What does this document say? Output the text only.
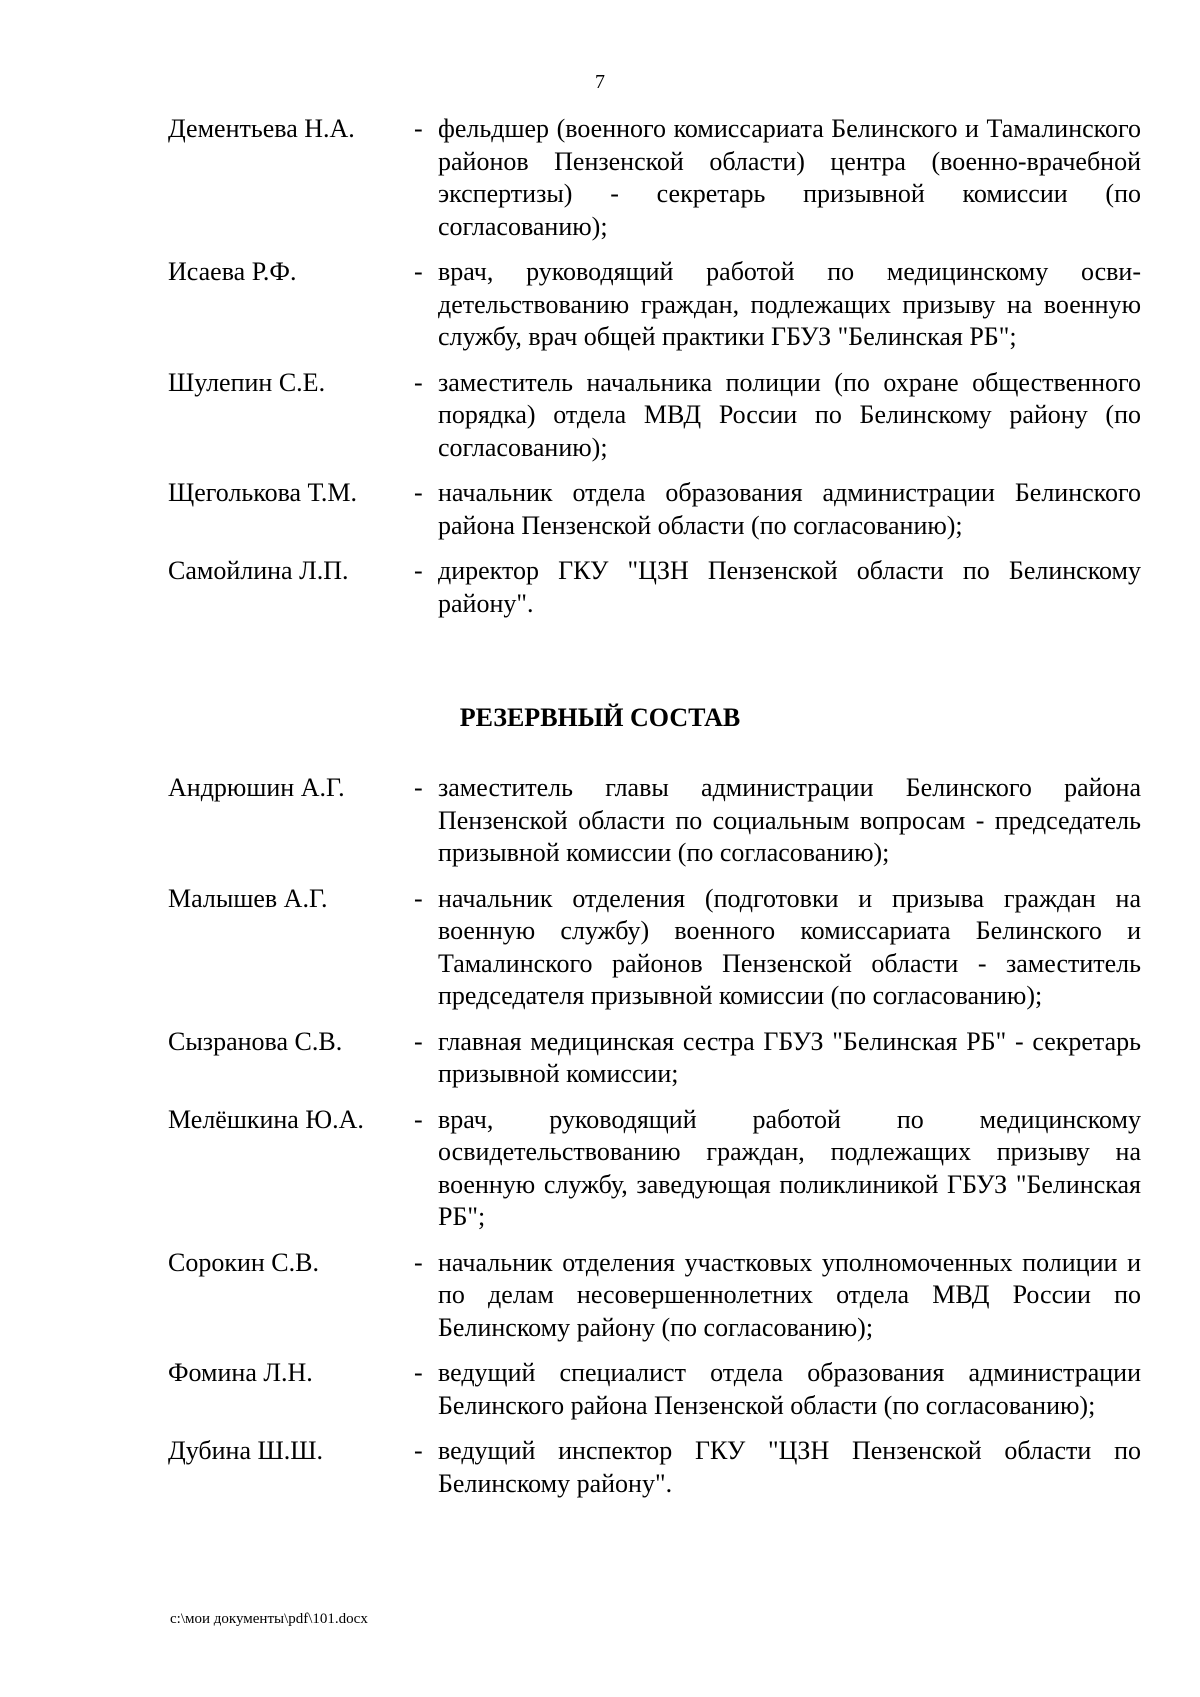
7
Дементьева Н.А.	- фельдшер (военного комиссариата Белинского и Тамалинского районов Пензенской области) центра (военно-врачебной экспертизы) - секретарь призывной комиссии (по согласованию);
Исаева Р.Ф.	- врач, руководящий работой по медицинскому освидетельствованию граждан, подлежащих призыву на военную службу, врач общей практики ГБУЗ "Белинская РБ";
Шулепин С.Е.	- заместитель начальника полиции (по охране общественного порядка) отдела МВД России по Белинскому району (по согласованию);
Щеголькова Т.М.	- начальник отдела образования администрации Белинского района Пензенской области (по согласованию);
Самойлина Л.П.	- директор ГКУ "ЦЗН Пензенской области по Белинскому району".
РЕЗЕРВНЫЙ СОСТАВ
Андрюшин А.Г.	- заместитель главы администрации Белинского района Пензенской области по социальным вопросам - председатель призывной комиссии (по согласованию);
Малышев А.Г.	- начальник отделения (подготовки и призыва граждан на военную службу) военного комиссариата Белинского и Тамалинского районов Пензенской области - заместитель председателя призывной комиссии (по согласованию);
Сызранова С.В.	- главная медицинская сестра ГБУЗ "Белинская РБ" - секретарь призывной комиссии;
Мелёшкина Ю.А.	- врач, руководящий работой по медицинскому освидетельствованию граждан, подлежащих призыву на военную службу, заведующая поликлиникой ГБУЗ "Белинская РБ";
Сорокин С.В.	- начальник отделения участковых уполномоченных полиции и по делам несовершеннолетних отдела МВД России по Белинскому району (по согласованию);
Фомина Л.Н.	- ведущий специалист отдела образования администрации Белинского района Пензенской области (по согласованию);
Дубина Ш.Ш.	- ведущий инспектор ГКУ "ЦЗН Пензенской области по Белинскому району".
c:\мои документы\pdf\101.docx
